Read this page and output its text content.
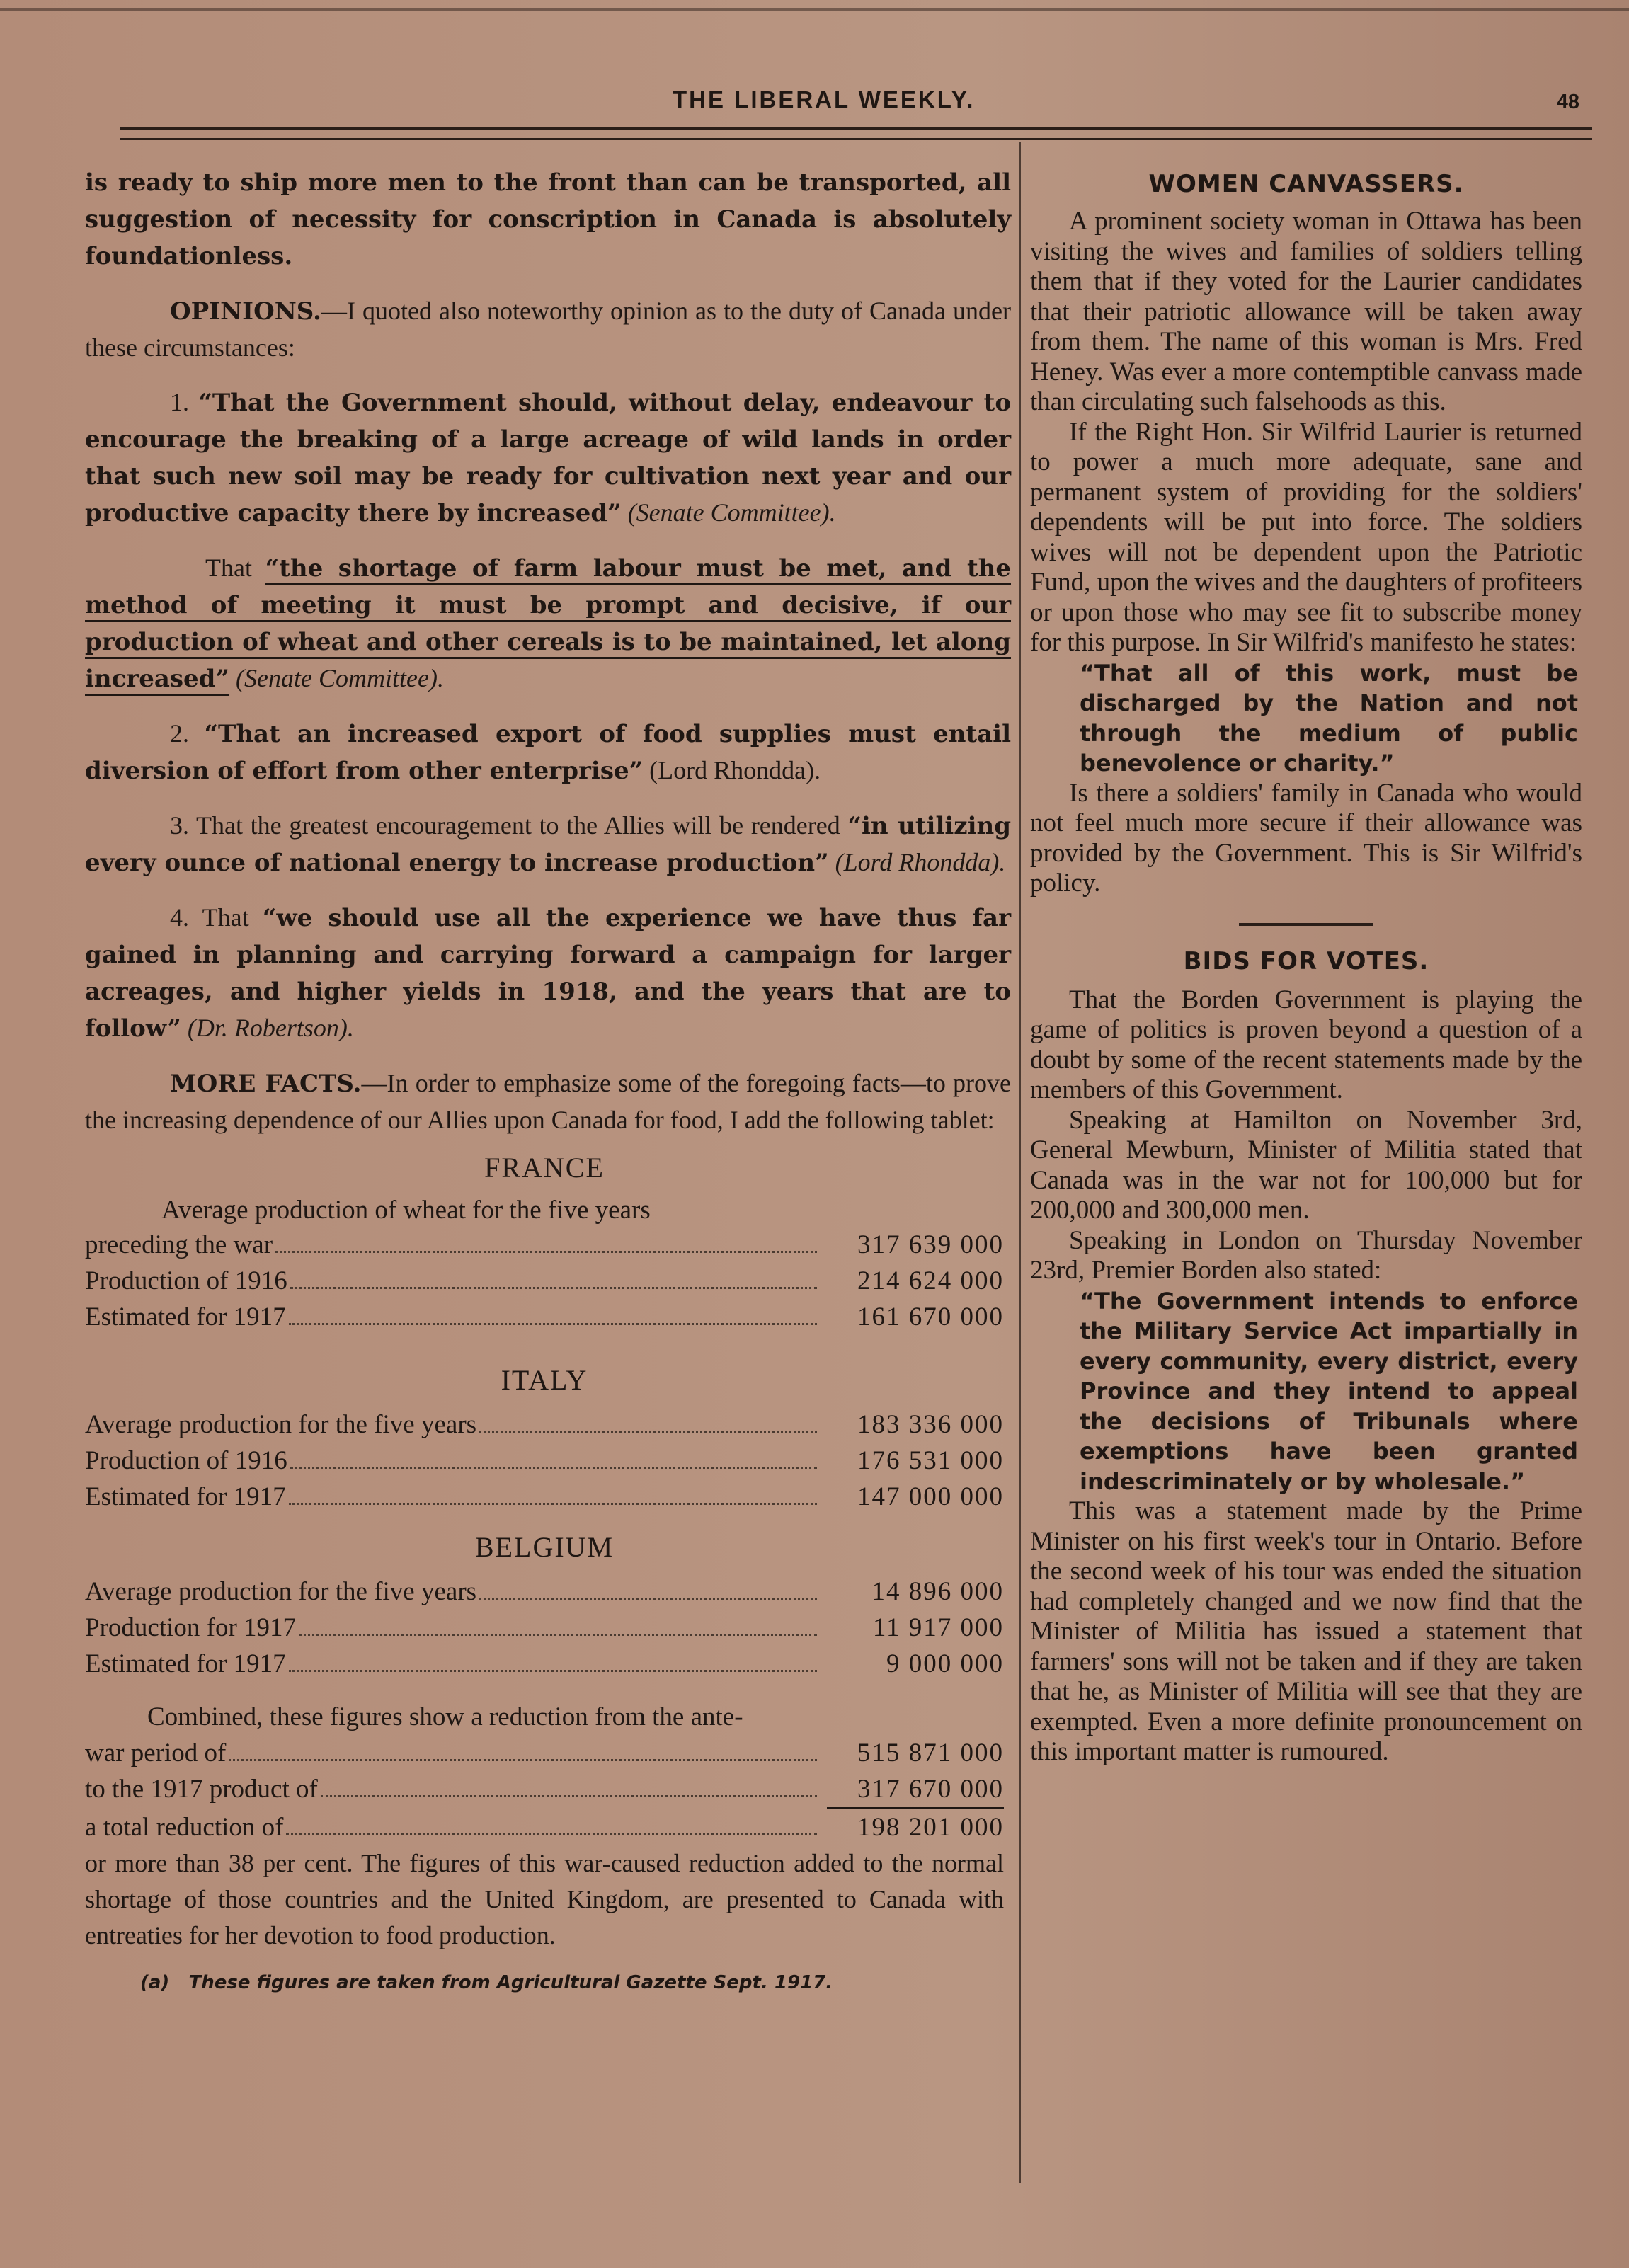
THE LIBERAL WEEKLY.	48

is ready to ship more men to the front than can be transported, all suggestion of necessity for conscription in Canada is absolutely foundationless.

OPINIONS.—I quoted also noteworthy opinion as to the duty of Canada under these circumstances:

1. “That the Government should, without delay, endeavour to encourage the breaking of a large acreage of wild lands in order that such new soil may be ready for cultivation next year and our productive capacity there by increased” (Senate Committee).

That “the shortage of farm labour must be met, and the method of meeting it must be prompt and decisive, if our production of wheat and other cereals is to be maintained, let along increased” (Senate Committee).

2. “That an increased export of food supplies must entail diversion of effort from other enterprise” (Lord Rhondda).

3. That the greatest encouragement to the Allies will be rendered “in utilizing every ounce of national energy to increase production” (Lord Rhondda).

4. That “we should use all the experience we have thus far gained in planning and carrying forward a campaign for larger acreages, and higher yields in 1918, and the years that are to follow” (Dr. Robertson).

MORE FACTS.—In order to emphasize some of the foregoing facts—to prove the increasing dependence of our Allies upon Canada for food, I add the following tablet:

FRANCE
Average production of wheat for the five years
preceding the war	317 639 000
Production of 1916	214 624 000
Estimated for 1917	161 670 000
ITALY
Average production for the five years	183 336 000
Production of 1916	176 531 000
Estimated for 1917	147 000 000
BELGIUM
Average production for the five years	14 896 000
Production for 1917	11 917 000
Estimated for 1917	9 000 000
Combined, these figures show a reduction from the ante-
war period of	515 871 000
to the 1917 product of	317 670 000
a total reduction of	198 201 000

or more than 38 per cent. The figures of this war-caused reduction added to the normal shortage of those countries and the United Kingdom, are presented to Canada with entreaties for her devotion to food production.

(a) These figures are taken from Agricultural Gazette Sept. 1917.
WOMEN CANVASSERS.

A prominent society woman in Ottawa has been visiting the wives and families of soldiers telling them that if they voted for the Laurier candidates that their patriotic allowance will be taken away from them. The name of this woman is Mrs. Fred Heney. Was ever a more contemptible canvass made than circulating such falsehoods as this.

If the Right Hon. Sir Wilfrid Laurier is returned to power a much more adequate, sane and permanent system of providing for the soldiers' dependents will be put into force. The soldiers wives will not be dependent upon the Patriotic Fund, upon the wives and the daughters of profiteers or upon those who may see fit to subscribe money for this purpose. In Sir Wilfrid's manifesto he states:

“That all of this work, must be discharged by the Nation and not through the medium of public benevolence or charity.”

Is there a soldiers' family in Canada who would not feel much more secure if their allowance was provided by the Government. This is Sir Wilfrid's policy.

BIDS FOR VOTES.

That the Borden Government is playing the game of politics is proven beyond a question of a doubt by some of the recent statements made by the members of this Government.

Speaking at Hamilton on November 3rd, General Mewburn, Minister of Militia stated that Canada was in the war not for 100,000 but for 200,000 and 300,000 men.

Speaking in London on Thursday November 23rd, Premier Borden also stated:

“The Government intends to enforce the Military Service Act impartially in every community, every district, every Province and they intend to appeal the decisions of Tribunals where exemptions have been granted indescriminately or by wholesale.”

This was a statement made by the Prime Minister on his first week's tour in Ontario. Before the second week of his tour was ended the situation had completely changed and we now find that the Minister of Militia has issued a statement that farmers' sons will not be taken and if they are taken that he, as Minister of Militia will see that they are exempted. Even a more definite pronouncement on this important matter is rumoured.
